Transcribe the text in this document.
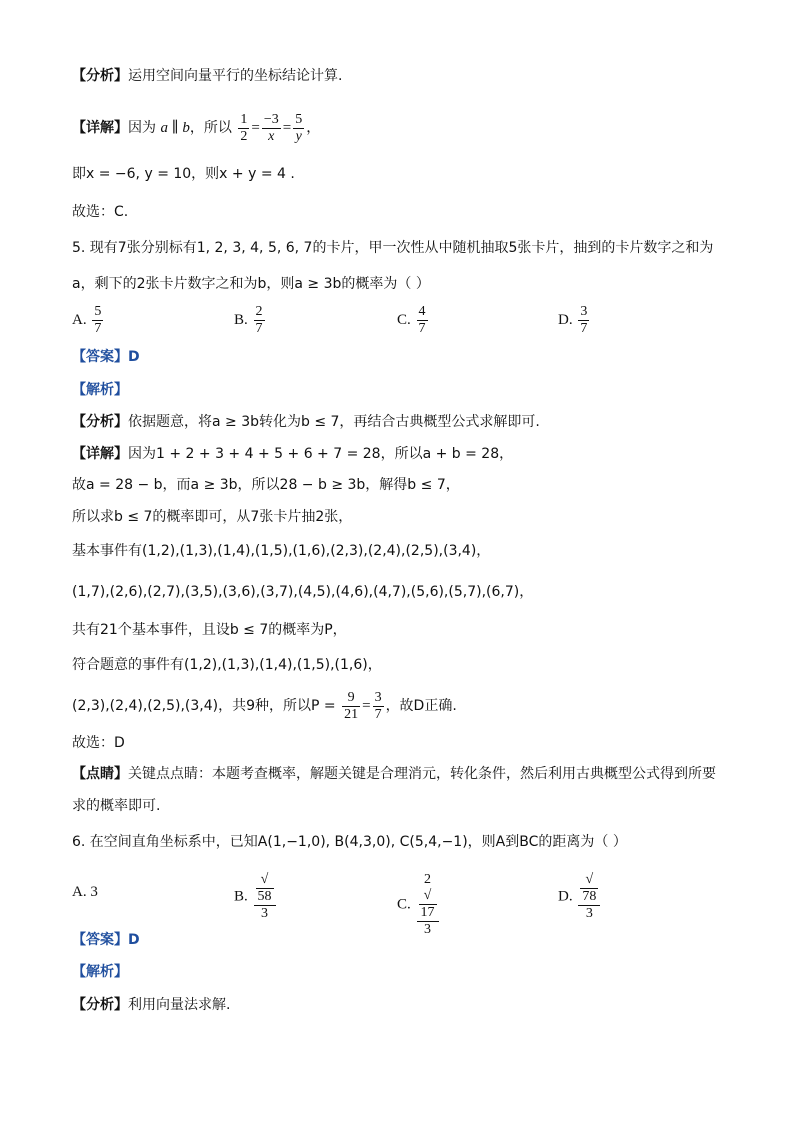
【分析】运用空间向量平行的坐标结论计算.
【详解】因为 a ∥ b，所以 $\frac{1}{2} = \frac{-3}{x} = \frac{5}{y}$ ，
即x = −6, y = 10，则x + y = 4 .
故选：C.
5. 现有7张分别标有1, 2, 3, 4, 5, 6, 7的卡片，甲一次性从中随机抽取5张卡片，抽到的卡片数字之和为
a，剩下的2张卡片数字之和为b，则a ≥ 3b的概率为（ ）
A. $\frac{5}{7}$	B. $\frac{2}{7}$	C. $\frac{4}{7}$	D. $\frac{3}{7}$
【答案】D
【解析】
【分析】依据题意，将a ≥ 3b转化为b ≤ 7，再结合古典概型公式求解即可.
【详解】因为1 + 2 + 3 + 4 + 5 + 6 + 7 = 28，所以a + b = 28，
故a = 28 − b，而a ≥ 3b，所以28 − b ≥ 3b，解得b ≤ 7，
所以求b ≤ 7的概率即可，从7张卡片抽2张，
基本事件有(1,2),(1,3),(1,4),(1,5),(1,6),(2,3),(2,4),(2,5),(3,4)，
(1,7),(2,6),(2,7),(3,5),(3,6),(3,7),(4,5),(4,6),(4,7),(5,6),(5,7),(6,7)，
共有21个基本事件，且设b ≤ 7的概率为P，
符合题意的事件有(1,2),(1,3),(1,4),(1,5),(1,6)，
(2,3),(2,4),(2,5),(3,4)，共9种，所以$P = \frac{9}{21} = \frac{3}{7}$ ，故D正确.
故选：D
【点睛】关键点点睛：本题考查概率，解题关键是合理消元，转化条件，然后利用古典概型公式得到所要
求的概率即可.
6. 在空间直角坐标系中，已知A(1,−1,0), B(4,3,0), C(5,4,−1)，则A到BC的距离为（ ）
A. 3	B. √
58
3	C. 2
√
17
3	D. √
78
3
【答案】D
【解析】
【分析】利用向量法求解.
